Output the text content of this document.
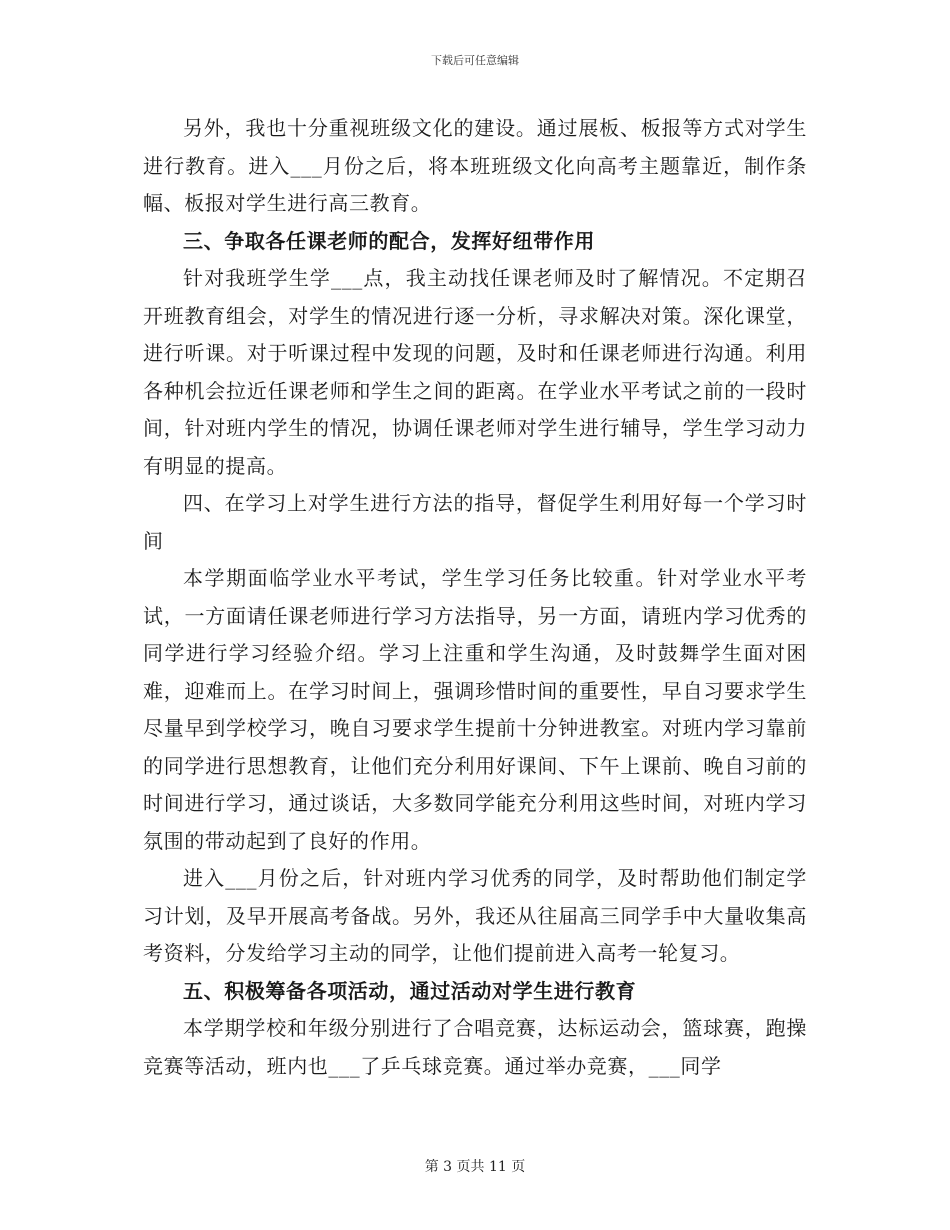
下载后可任意编辑

另外，我也十分重视班级文化的建设。通过展板、板报等方式对学生进行教育。进入___月份之后，将本班班级文化向高考主题靠近，制作条幅、板报对学生进行高三教育。

三、争取各任课老师的配合，发挥好纽带作用

针对我班学生学___点，我主动找任课老师及时了解情况。不定期召开班教育组会，对学生的情况进行逐一分析，寻求解决对策。深化课堂，进行听课。对于听课过程中发现的问题，及时和任课老师进行沟通。利用各种机会拉近任课老师和学生之间的距离。在学业水平考试之前的一段时间，针对班内学生的情况，协调任课老师对学生进行辅导，学生学习动力有明显的提高。

四、在学习上对学生进行方法的指导，督促学生利用好每一个学习时间

本学期面临学业水平考试，学生学习任务比较重。针对学业水平考试，一方面请任课老师进行学习方法指导，另一方面，请班内学习优秀的同学进行学习经验介绍。学习上注重和学生沟通，及时鼓舞学生面对困难，迎难而上。在学习时间上，强调珍惜时间的重要性，早自习要求学生尽量早到学校学习，晚自习要求学生提前十分钟进教室。对班内学习靠前的同学进行思想教育，让他们充分利用好课间、下午上课前、晚自习前的时间进行学习，通过谈话，大多数同学能充分利用这些时间，对班内学习氛围的带动起到了良好的作用。

进入___月份之后，针对班内学习优秀的同学，及时帮助他们制定学习计划，及早开展高考备战。另外，我还从往届高三同学手中大量收集高考资料，分发给学习主动的同学，让他们提前进入高考一轮复习。

五、积极筹备各项活动，通过活动对学生进行教育

本学期学校和年级分别进行了合唱竞赛，达标运动会，篮球赛，跑操竞赛等活动，班内也___了乒乓球竞赛。通过举办竞赛，___同学

第 3 页共 11 页
